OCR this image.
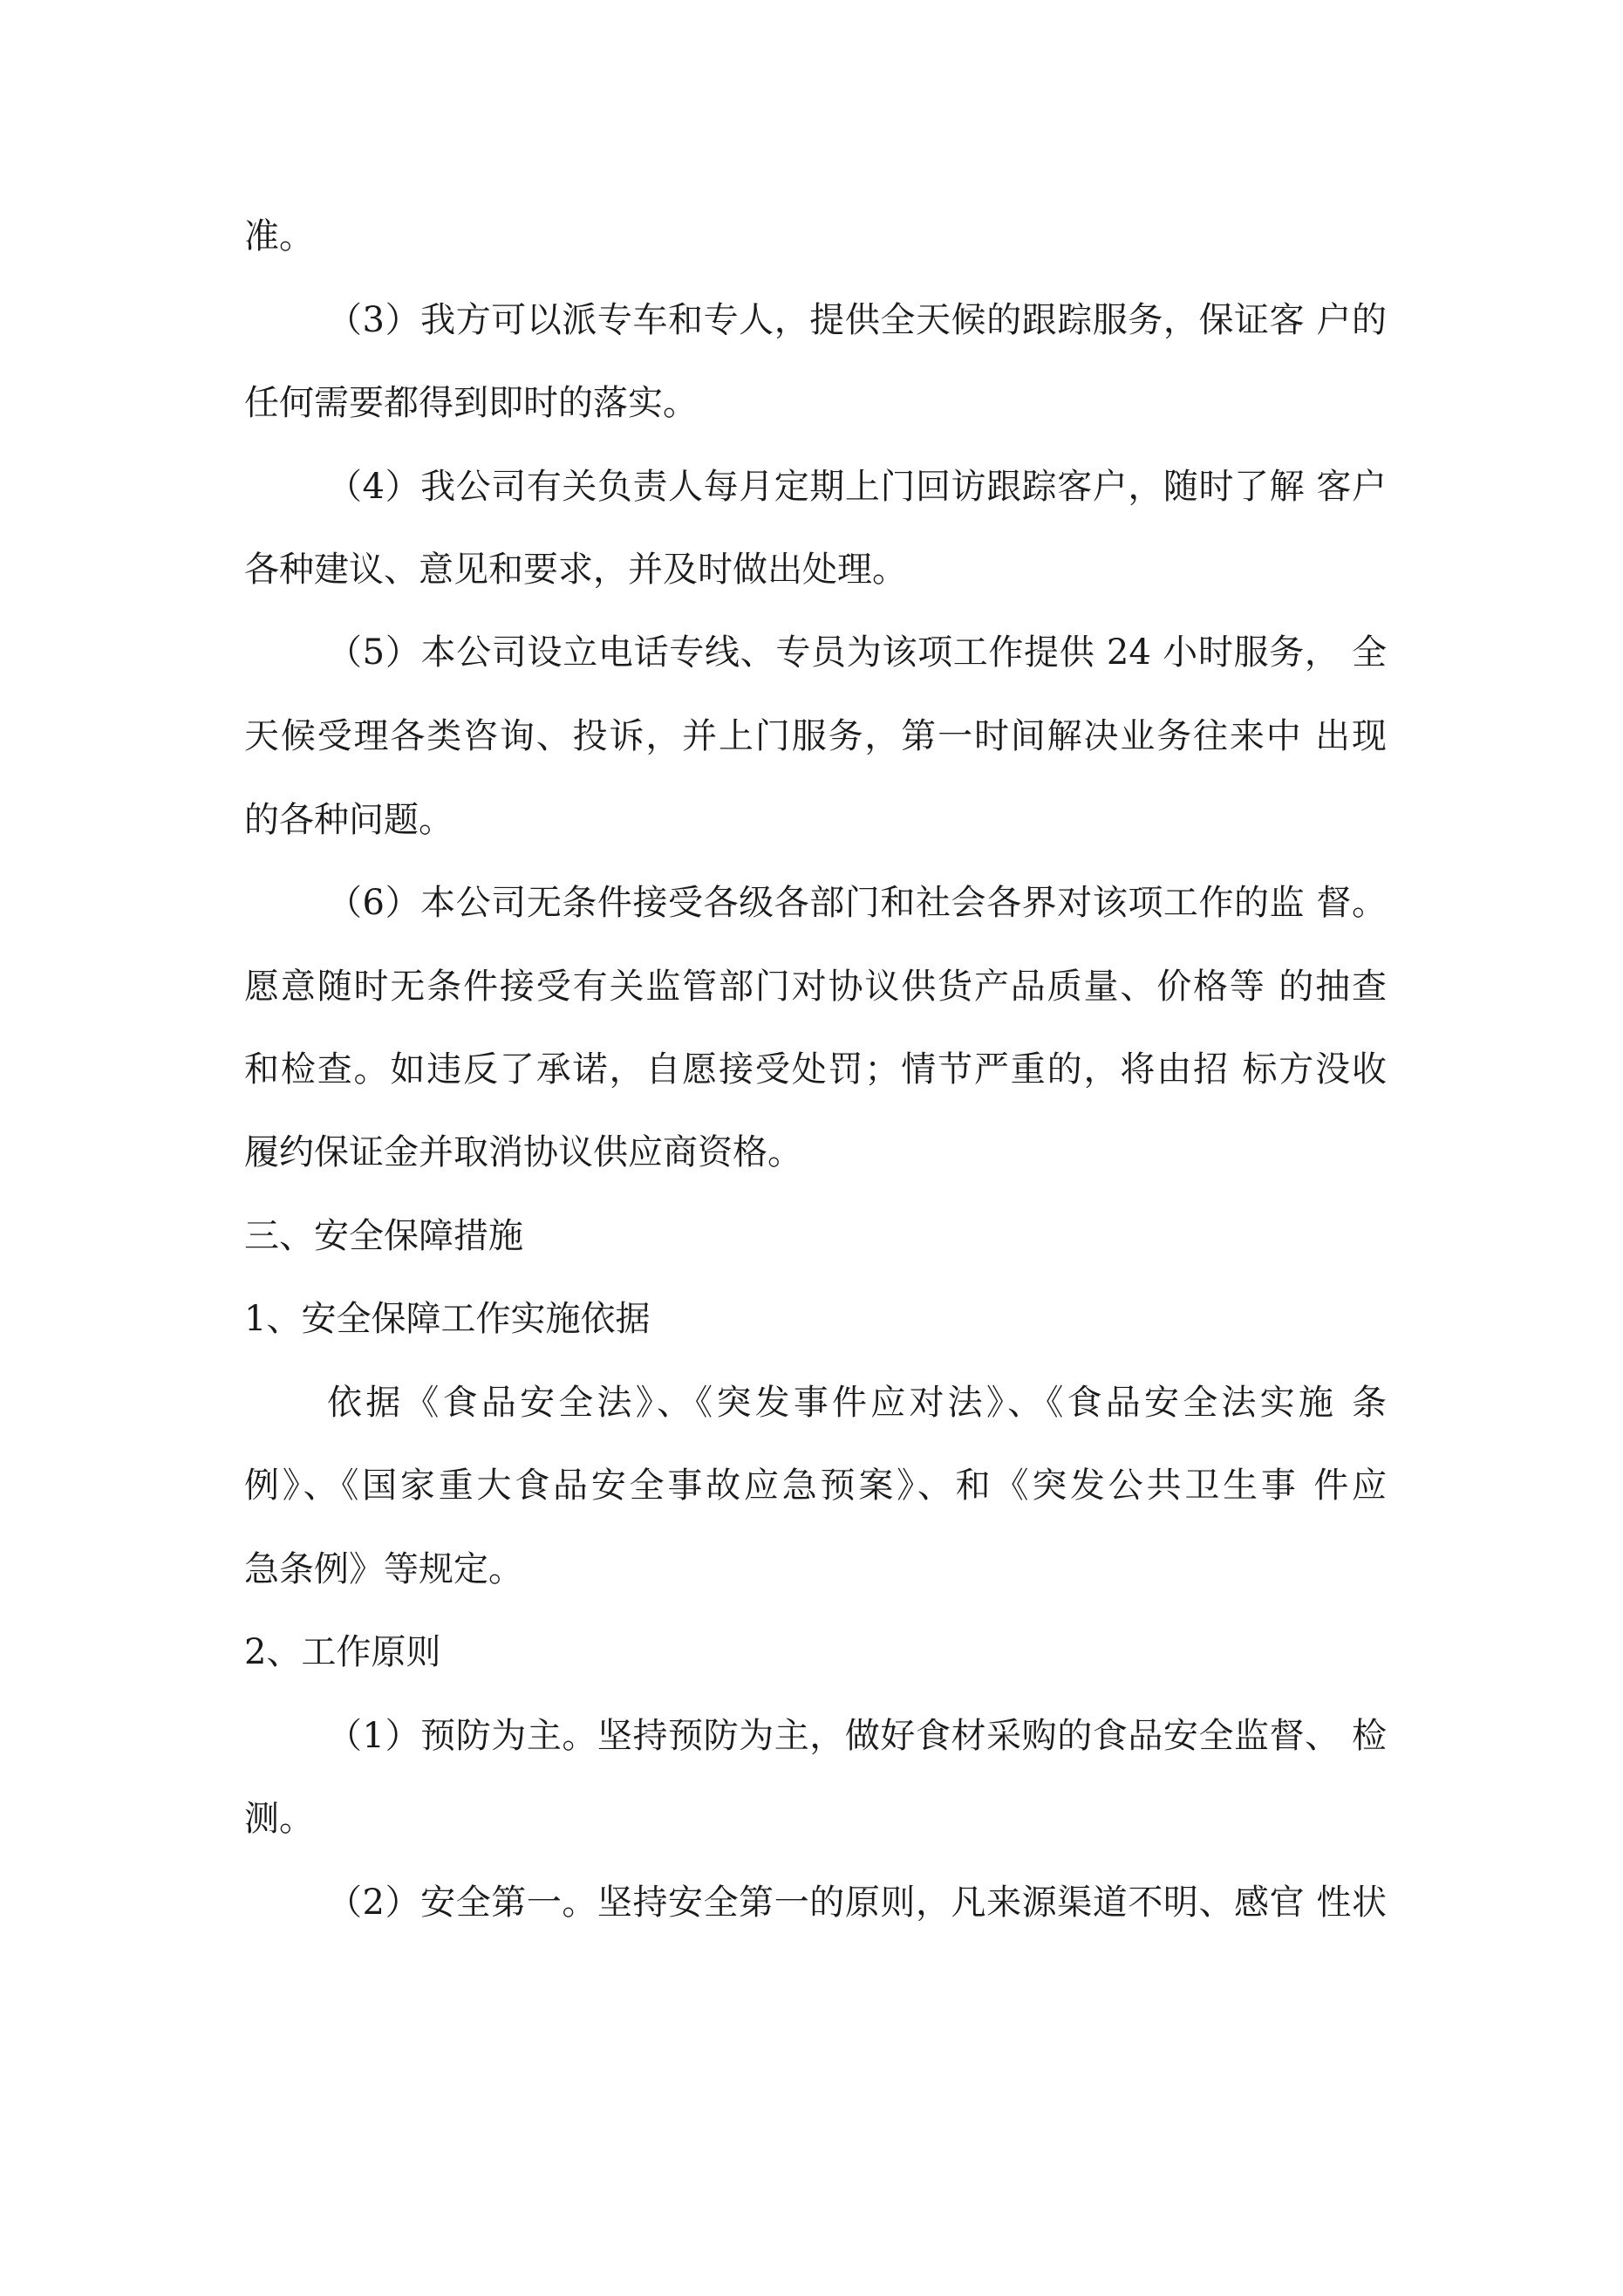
准。
（3）我方可以派专车和专人，提供全天候的跟踪服务，保证客 户的
任何需要都得到即时的落实。
（4）我公司有关负责人每月定期上门回访跟踪客户，随时了解 客户
各种建议、意见和要求，并及时做出处理。
（5）本公司设立电话专线、专员为该项工作提供 24 小时服务， 全
天候受理各类咨询、投诉，并上门服务，第一时间解决业务往来中 出现
的各种问题。
（6）本公司无条件接受各级各部门和社会各界对该项工作的监 督。
愿意随时无条件接受有关监管部门对协议供货产品质量、价格等 的抽查
和检查。如违反了承诺，自愿接受处罚；情节严重的，将由招 标方没收
履约保证金并取消协议供应商资格。
三、安全保障措施
1、安全保障工作实施依据
依据《食品安全法》、《突发事件应对法》、《食品安全法实施 条
例》、《国家重大食品安全事故应急预案》、和《突发公共卫生事 件应
急条例》等规定。
2、工作原则
（1）预防为主。坚持预防为主，做好食材采购的食品安全监督、 检
测。
（2）安全第一。坚持安全第一的原则，凡来源渠道不明、感官 性状
